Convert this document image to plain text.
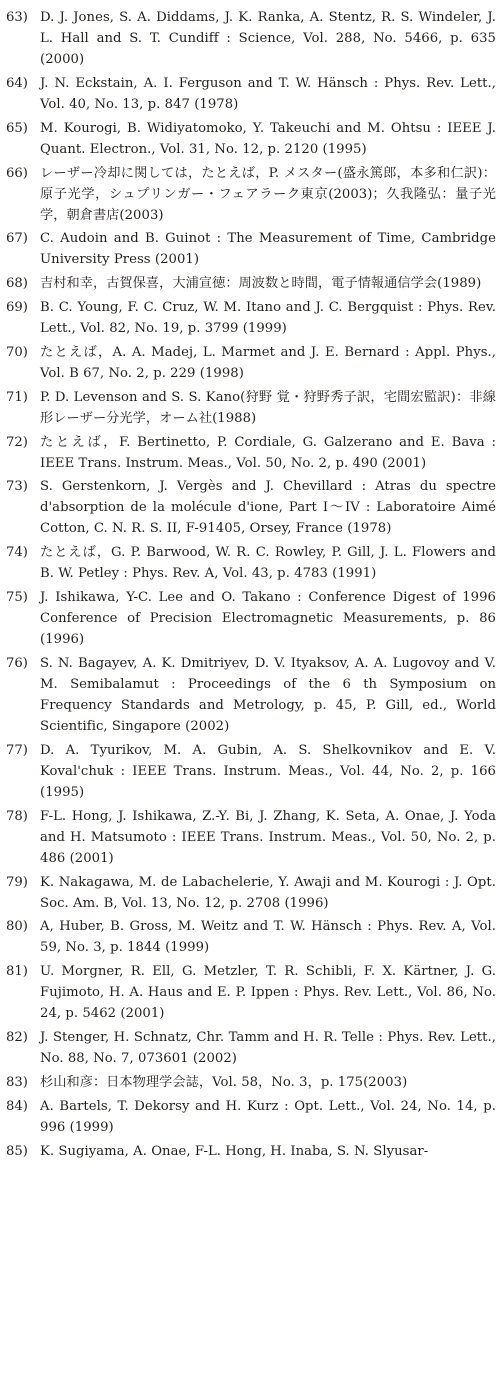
63) D. J. Jones, S. A. Diddams, J. K. Ranka, A. Stentz, R. S. Windeler, J. L. Hall and S. T. Cundiff : Science, Vol. 288, No. 5466, p. 635 (2000)
64) J. N. Eckstain, A. I. Ferguson and T. W. Hänsch : Phys. Rev. Lett., Vol. 40, No. 13, p. 847 (1978)
65) M. Kourogi, B. Widiyatomoko, Y. Takeuchi and M. Ohtsu : IEEE J. Quant. Electron., Vol. 31, No. 12, p. 2120 (1995)
66) レーザー冷却に関しては，たとえば，P. メスター(盛永篤郎，本多和仁訳)：原子光学，シュプリンガー・フェアラーク東京(2003)；久我隆弘：量子光学，朝倉書店(2003)
67) C. Audoin and B. Guinot : The Measurement of Time, Cambridge University Press (2001)
68) 吉村和幸，古賀保喜，大浦宣徳：周波数と時間，電子情報通信学会(1989)
69) B. C. Young, F. C. Cruz, W. M. Itano and J. C. Bergquist : Phys. Rev. Lett., Vol. 82, No. 19, p. 3799 (1999)
70) たとえば，A. A. Madej, L. Marmet and J. E. Bernard : Appl. Phys., Vol. B 67, No. 2, p. 229 (1998)
71) P. D. Levenson and S. S. Kano(狩野 覚・狩野秀子訳，宅間宏監訳)：非線形レーザー分光学，オーム社(1988)
72) たとえば，F. Bertinetto, P. Cordiale, G. Galzerano and E. Bava : IEEE Trans. Instrum. Meas., Vol. 50, No. 2, p. 490 (2001)
73) S. Gerstenkorn, J. Vergès and J. Chevillard : Atras du spectre d'absorption de la molécule d'ione, Part I～IV : Laboratoire Aimé Cotton, C. N. R. S. II, F-91405, Orsey, France (1978)
74) たとえば，G. P. Barwood, W. R. C. Rowley, P. Gill, J. L. Flowers and B. W. Petley : Phys. Rev. A, Vol. 43, p. 4783 (1991)
75) J. Ishikawa, Y-C. Lee and O. Takano : Conference Digest of 1996 Conference of Precision Electromagnetic Measurements, p. 86 (1996)
76) S. N. Bagayev, A. K. Dmitriyev, D. V. Ityaksov, A. A. Lugovoy and V. M. Semibalamut : Proceedings of the 6 th Symposium on Frequency Standards and Metrology, p. 45, P. Gill, ed., World Scientific, Singapore (2002)
77) D. A. Tyurikov, M. A. Gubin, A. S. Shelkovnikov and E. V. Koval'chuk : IEEE Trans. Instrum. Meas., Vol. 44, No. 2, p. 166 (1995)
78) F-L. Hong, J. Ishikawa, Z.-Y. Bi, J. Zhang, K. Seta, A. Onae, J. Yoda and H. Matsumoto : IEEE Trans. Instrum. Meas., Vol. 50, No. 2, p. 486 (2001)
79) K. Nakagawa, M. de Labachelerie, Y. Awaji and M. Kourogi : J. Opt. Soc. Am. B, Vol. 13, No. 12, p. 2708 (1996)
80) A, Huber, B. Gross, M. Weitz and T. W. Hänsch : Phys. Rev. A, Vol. 59, No. 3, p. 1844 (1999)
81) U. Morgner, R. Ell, G. Metzler, T. R. Schibli, F. X. Kärtner, J. G. Fujimoto, H. A. Haus and E. P. Ippen : Phys. Rev. Lett., Vol. 86, No. 24, p. 5462 (2001)
82) J. Stenger, H. Schnatz, Chr. Tamm and H. R. Telle : Phys. Rev. Lett., No. 88, No. 7, 073601 (2002)
83) 杉山和彦：日本物理学会誌，Vol. 58，No. 3，p. 175(2003)
84) A. Bartels, T. Dekorsy and H. Kurz : Opt. Lett., Vol. 24, No. 14, p. 996 (1999)
85) K. Sugiyama, A. Onae, F-L. Hong, H. Inaba, S. N. Slyusar-
